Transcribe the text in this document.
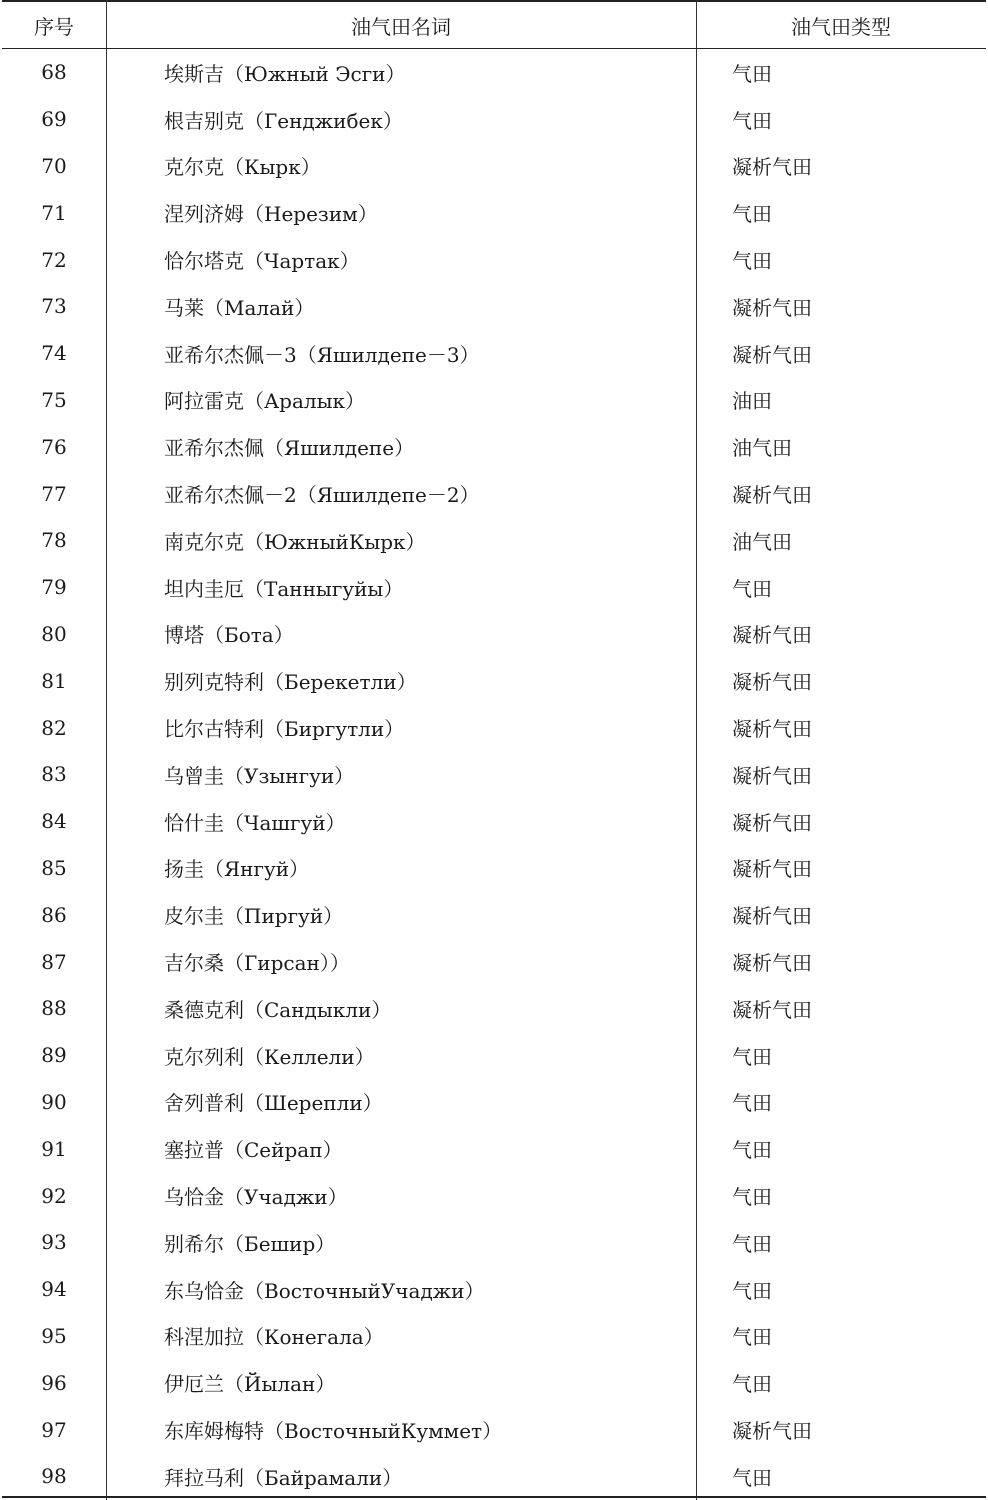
序号	油气田名词	油气田类型
68	埃斯吉（Южный Эсги）	气田
69	根吉别克（Генджибек）	气田
70	克尔克（Кырк）	凝析气田
71	涅列济姆（Нерезим）	气田
72	恰尔塔克（Чартак）	气田
73	马莱（Малай）	凝析气田
74	亚希尔杰佩－3（Яшилдепе－3）	凝析气田
75	阿拉雷克（Аралык）	油田
76	亚希尔杰佩（Яшилдепе）	油气田
77	亚希尔杰佩－2（Яшилдепе－2）	凝析气田
78	南克尔克（ЮжныйКырк）	油气田
79	坦内圭厄（Танныгуйы）	气田
80	博塔（Бота）	凝析气田
81	别列克特利（Берекетли）	凝析气田
82	比尔古特利（Биргутли）	凝析气田
83	乌曾圭（Узынгуи）	凝析气田
84	恰什圭（Чашгуй）	凝析气田
85	扬圭（Янгуй）	凝析气田
86	皮尔圭（Пиргуй）	凝析气田
87	吉尔桑（Гирсан））	凝析气田
88	桑德克利（Сандыкли）	凝析气田
89	克尔列利（Келлели）	气田
90	舍列普利（Шерепли）	气田
91	塞拉普（Сейрап）	气田
92	乌恰金（Учаджи）	气田
93	别希尔（Бешир）	气田
94	东乌恰金（ВосточныйУчаджи）	气田
95	科涅加拉（Конегала）	气田
96	伊厄兰（Йылан）	气田
97	东库姆梅特（ВосточныйКуммет）	凝析气田
98	拜拉马利（Байрамали）	气田
